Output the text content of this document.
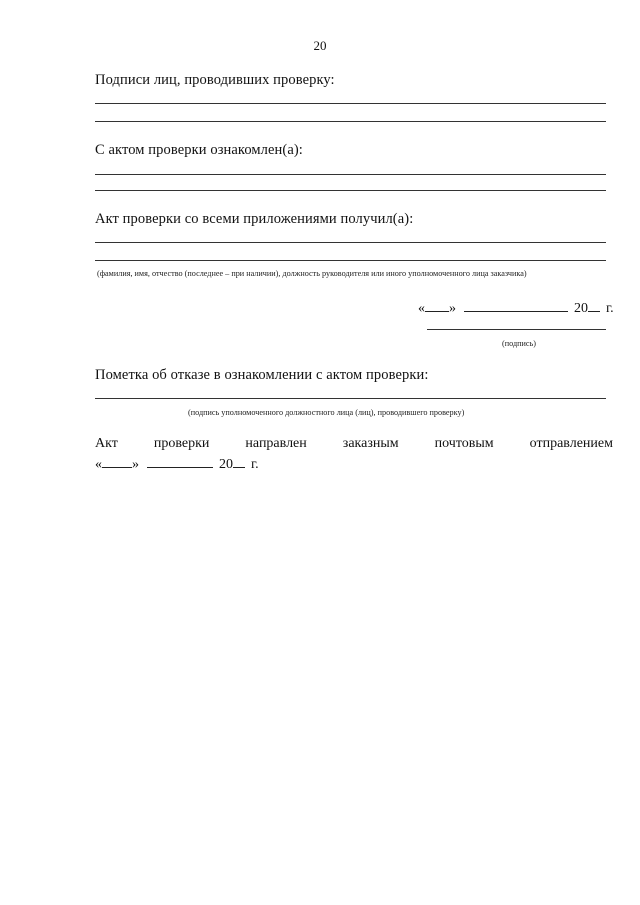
20
Подписи лиц, проводивших проверку:
С актом проверки ознакомлен(а):
Акт проверки со всеми приложениями получил(а):
(фамилия, имя, отчество (последнее – при наличии), должность руководителя или иного уполномоченного лица заказчика)
« »	20 г.
(подпись)
Пометка об отказе в ознакомлении с актом проверки:
(подпись уполномоченного должностного лица (лиц), проводившего проверку)
Акт	проверки	направлен	заказным	почтовым	отправлением
« »	20 г.
